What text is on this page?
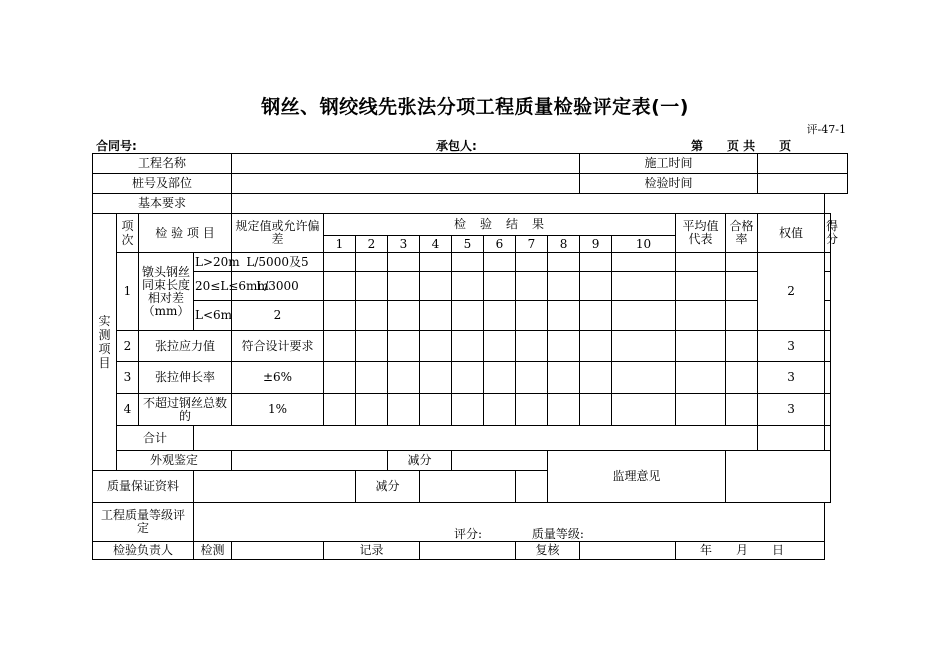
钢丝、钢绞线先张法分项工程质量检验评定表(一)
评-47-1
合同号:	承包人:	第　　页 共　　页
工程名称													施工时间					
桩号及部位													检验时间					
基本要求																		
实测项目	项次	检 验 项 目		规定值或允许偏差	检　验　结　果										平均值代表	合格率	权值	得分
					1	2	3	4	5	6	7	8	9	10				
	1	镦头钢丝同束长度相对差（mm）	L>20m	L/5000及5													2	
			20≤L≤6mm	L/3000														
			L<6m	2														
	2	张拉应力值		符合设计要求													3	
	3	张拉伸长率		±6%													3	
	4	不超过钢丝总数的		1%													3	
	合计																	
	外观鉴定						减分					监理意见						
质量保证资料						减分												
工程质量等级评定			评分: 质量等级:															
检验负责人			检测		记录						复核				年　　月　　日			
